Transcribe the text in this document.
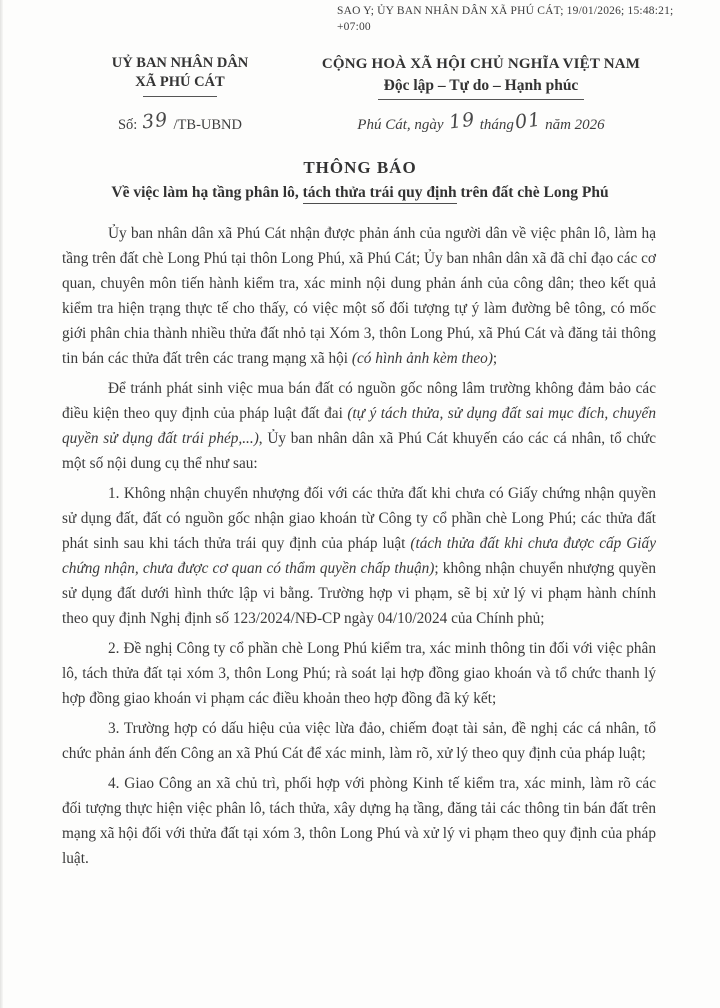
SAO Y; ỦY BAN NHÂN DÂN XÃ PHÚ CÁT; 19/01/2026; 15:48:21;
+07:00
UỶ BAN NHÂN DÂN
XÃ PHÚ CÁT
Số: 39 /TB-UBND
CỘNG HOÀ XÃ HỘI CHỦ NGHĨA VIỆT NAM
Độc lập – Tự do – Hạnh phúc
Phú Cát, ngày 19 tháng01 năm 2026
THÔNG BÁO
Về việc làm hạ tầng phân lô, tách thửa trái quy định trên đất chè Long Phú

Ủy ban nhân dân xã Phú Cát nhận được phản ánh của người dân về việc phân lô, làm hạ tầng trên đất chè Long Phú tại thôn Long Phú, xã Phú Cát; Ủy ban nhân dân xã đã chỉ đạo các cơ quan, chuyên môn tiến hành kiểm tra, xác minh nội dung phản ánh của công dân; theo kết quả kiểm tra hiện trạng thực tế cho thấy, có việc một số đối tượng tự ý làm đường bê tông, có mốc giới phân chia thành nhiều thửa đất nhỏ tại Xóm 3, thôn Long Phú, xã Phú Cát và đăng tải thông tin bán các thửa đất trên các trang mạng xã hội (có hình ảnh kèm theo);

Để tránh phát sinh việc mua bán đất có nguồn gốc nông lâm trường không đảm bảo các điều kiện theo quy định của pháp luật đất đai (tự ý tách thửa, sử dụng đất sai mục đích, chuyển quyền sử dụng đất trái phép,...), Ủy ban nhân dân xã Phú Cát khuyến cáo các cá nhân, tổ chức một số nội dung cụ thể như sau:

1. Không nhận chuyển nhượng đối với các thửa đất khi chưa có Giấy chứng nhận quyền sử dụng đất, đất có nguồn gốc nhận giao khoán từ Công ty cổ phần chè Long Phú; các thửa đất phát sinh sau khi tách thửa trái quy định của pháp luật (tách thửa đất khi chưa được cấp Giấy chứng nhận, chưa được cơ quan có thẩm quyền chấp thuận); không nhận chuyển nhượng quyền sử dụng đất dưới hình thức lập vi bằng. Trường hợp vi phạm, sẽ bị xử lý vi phạm hành chính theo quy định Nghị định số 123/2024/NĐ-CP ngày 04/10/2024 của Chính phủ;

2. Đề nghị Công ty cổ phần chè Long Phú kiểm tra, xác minh thông tin đối với việc phân lô, tách thửa đất tại xóm 3, thôn Long Phú; rà soát lại hợp đồng giao khoán và tổ chức thanh lý hợp đồng giao khoán vi phạm các điều khoản theo hợp đồng đã ký kết;

3. Trường hợp có dấu hiệu của việc lừa đảo, chiếm đoạt tài sản, đề nghị các cá nhân, tổ chức phản ánh đến Công an xã Phú Cát để xác minh, làm rõ, xử lý theo quy định của pháp luật;

4. Giao Công an xã chủ trì, phối hợp với phòng Kinh tế kiểm tra, xác minh, làm rõ các đối tượng thực hiện việc phân lô, tách thửa, xây dựng hạ tầng, đăng tải các thông tin bán đất trên mạng xã hội đối với thửa đất tại xóm 3, thôn Long Phú và xử lý vi phạm theo quy định của pháp luật.
